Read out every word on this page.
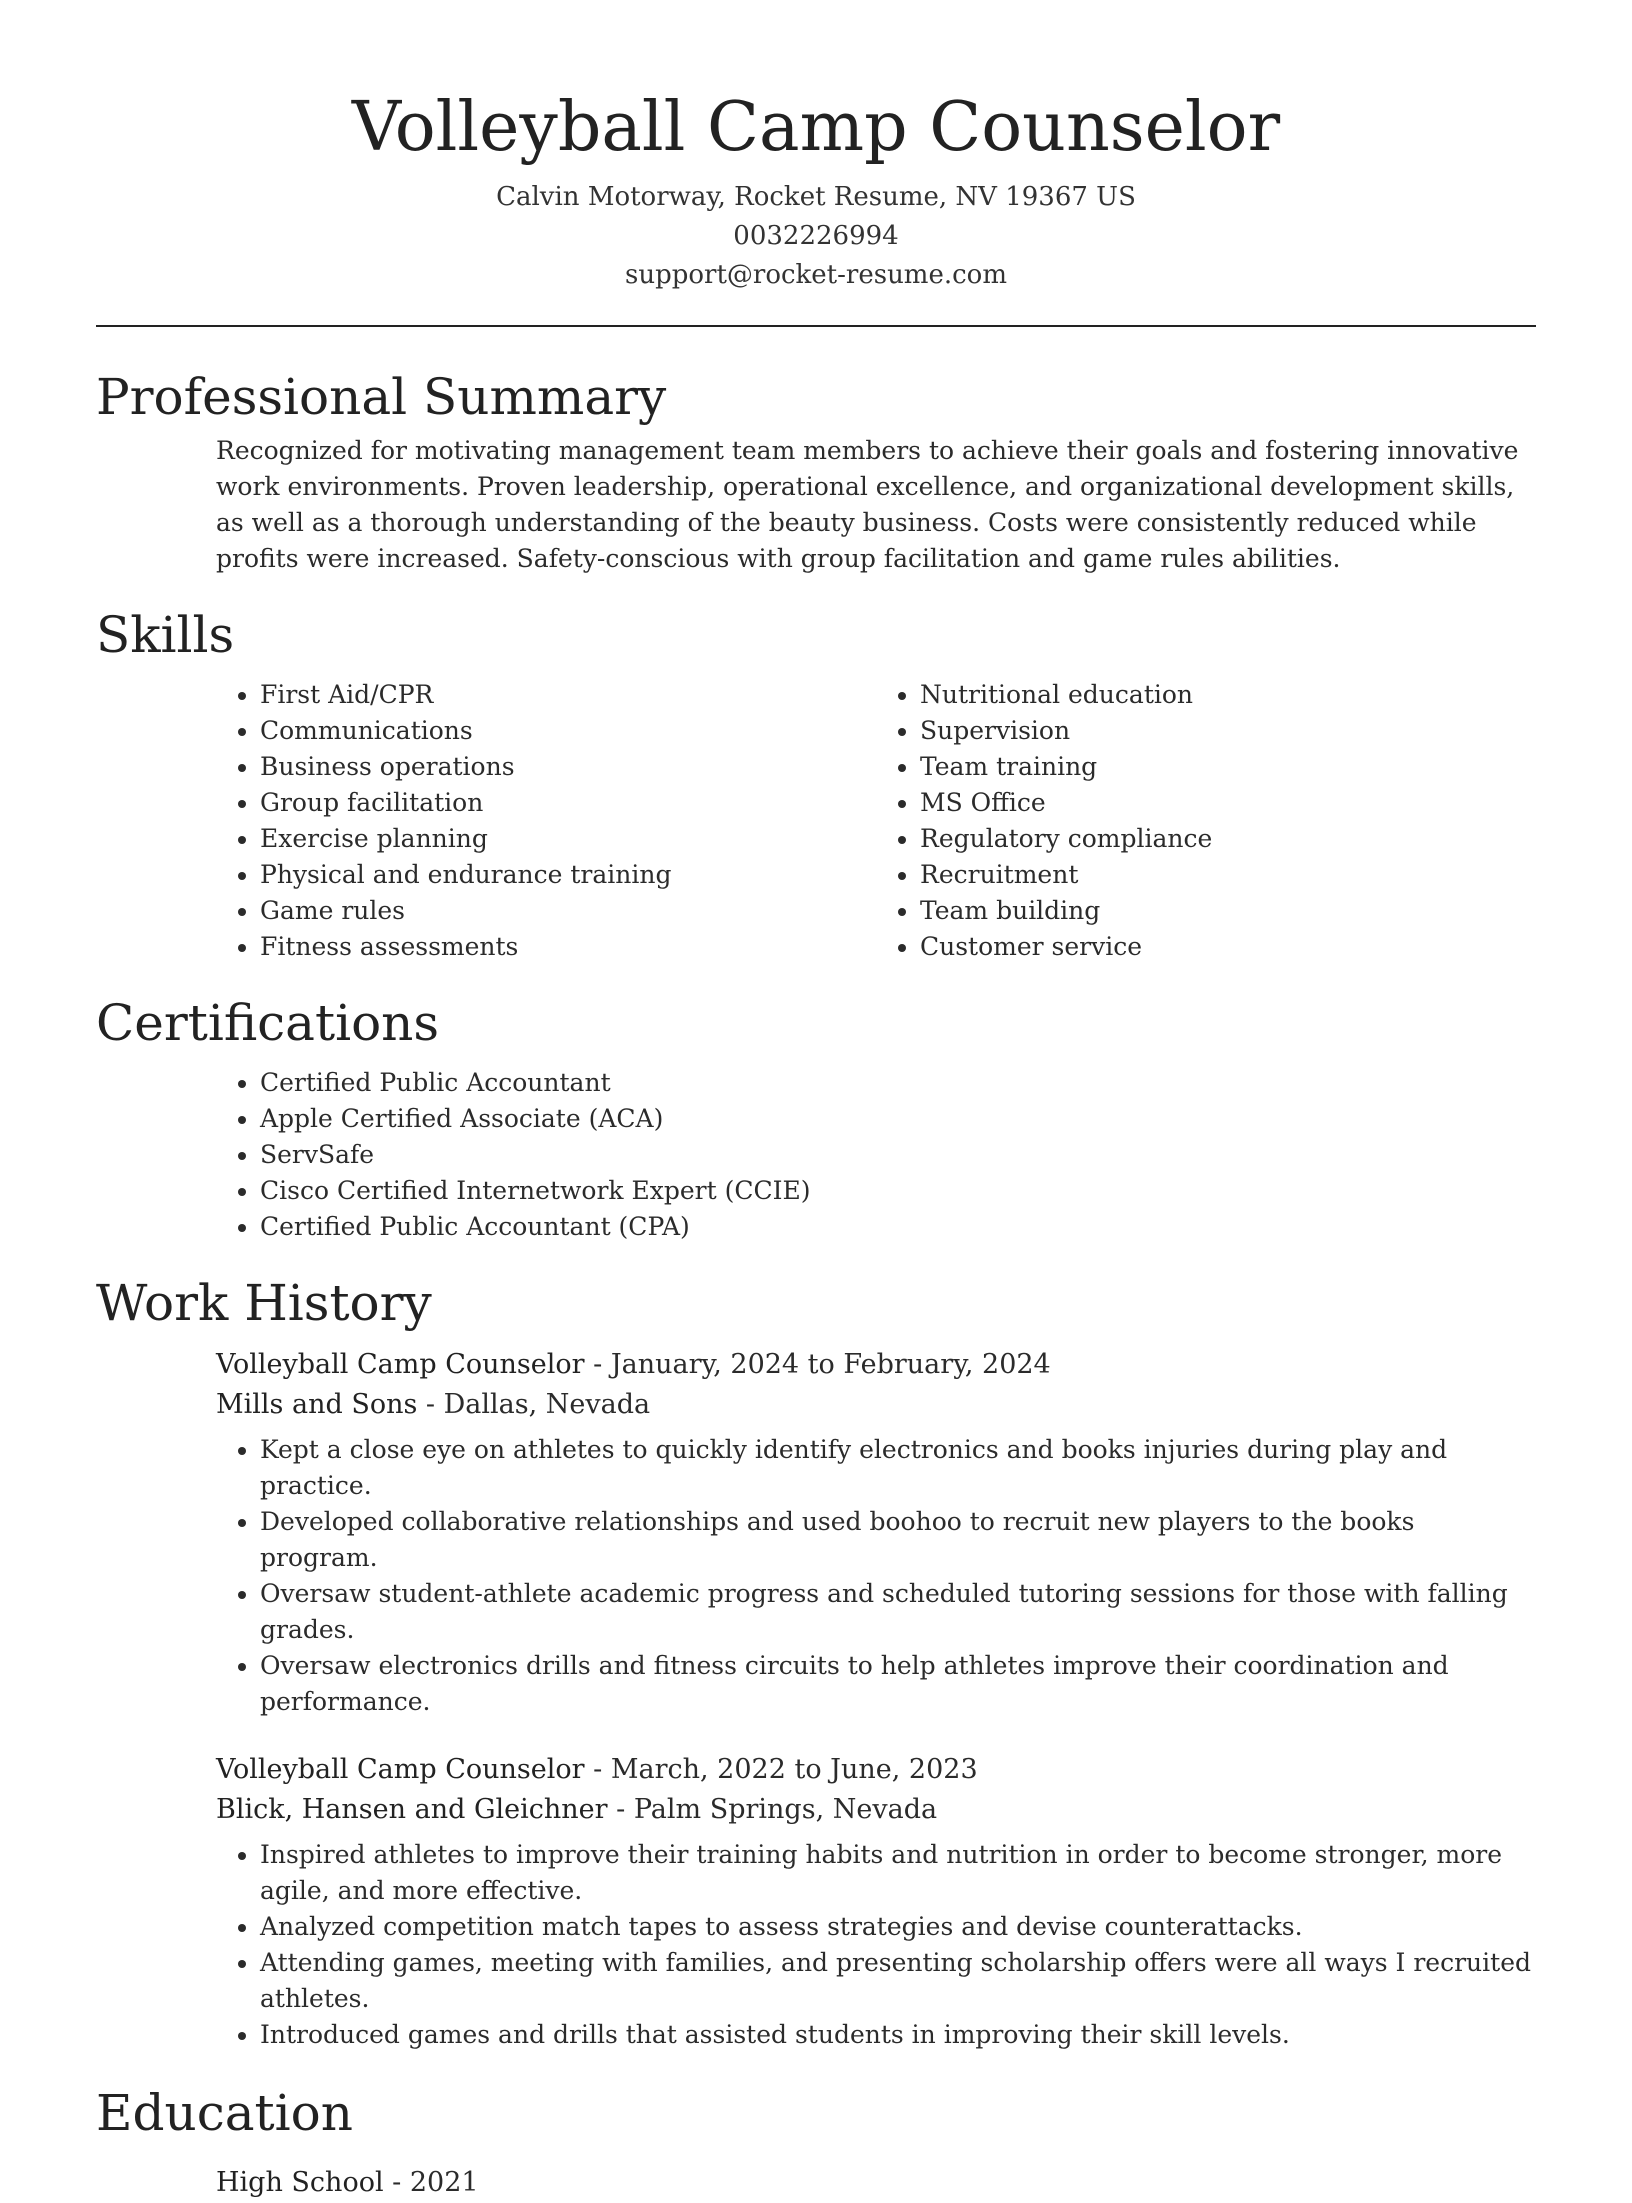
Volleyball Camp Counselor
Calvin Motorway, Rocket Resume, NV 19367 US
0032226994
support@rocket-resume.com
Professional Summary

Recognized for motivating management team members to achieve their goals and fostering innovative work environments. Proven leadership, operational excellence, and organizational development skills, as well as a thorough understanding of the beauty business. Costs were consistently reduced while profits were increased. Safety-conscious with group facilitation and game rules abilities.

Skills
• First Aid/CPR
• Communications
• Business operations
• Group facilitation
• Exercise planning
• Physical and endurance training
• Game rules
• Fitness assessments
• Nutritional education
• Supervision
• Team training
• MS Office
• Regulatory compliance
• Recruitment
• Team building
• Customer service
Certifications
• Certified Public Accountant
• Apple Certified Associate (ACA)
• ServSafe
• Cisco Certified Internetwork Expert (CCIE)
• Certified Public Accountant (CPA)
Work History
Volleyball Camp Counselor - January, 2024 to February, 2024
Mills and Sons - Dallas, Nevada
• Kept a close eye on athletes to quickly identify electronics and books injuries during play and practice.
• Developed collaborative relationships and used boohoo to recruit new players to the books program.
• Oversaw student-athlete academic progress and scheduled tutoring sessions for those with falling grades.
• Oversaw electronics drills and fitness circuits to help athletes improve their coordination and performance.
Volleyball Camp Counselor - March, 2022 to June, 2023
Blick, Hansen and Gleichner - Palm Springs, Nevada
• Inspired athletes to improve their training habits and nutrition in order to become stronger, more agile, and more effective.
• Analyzed competition match tapes to assess strategies and devise counterattacks.
• Attending games, meeting with families, and presenting scholarship offers were all ways I recruited athletes.
• Introduced games and drills that assisted students in improving their skill levels.
Education
High School - 2021
